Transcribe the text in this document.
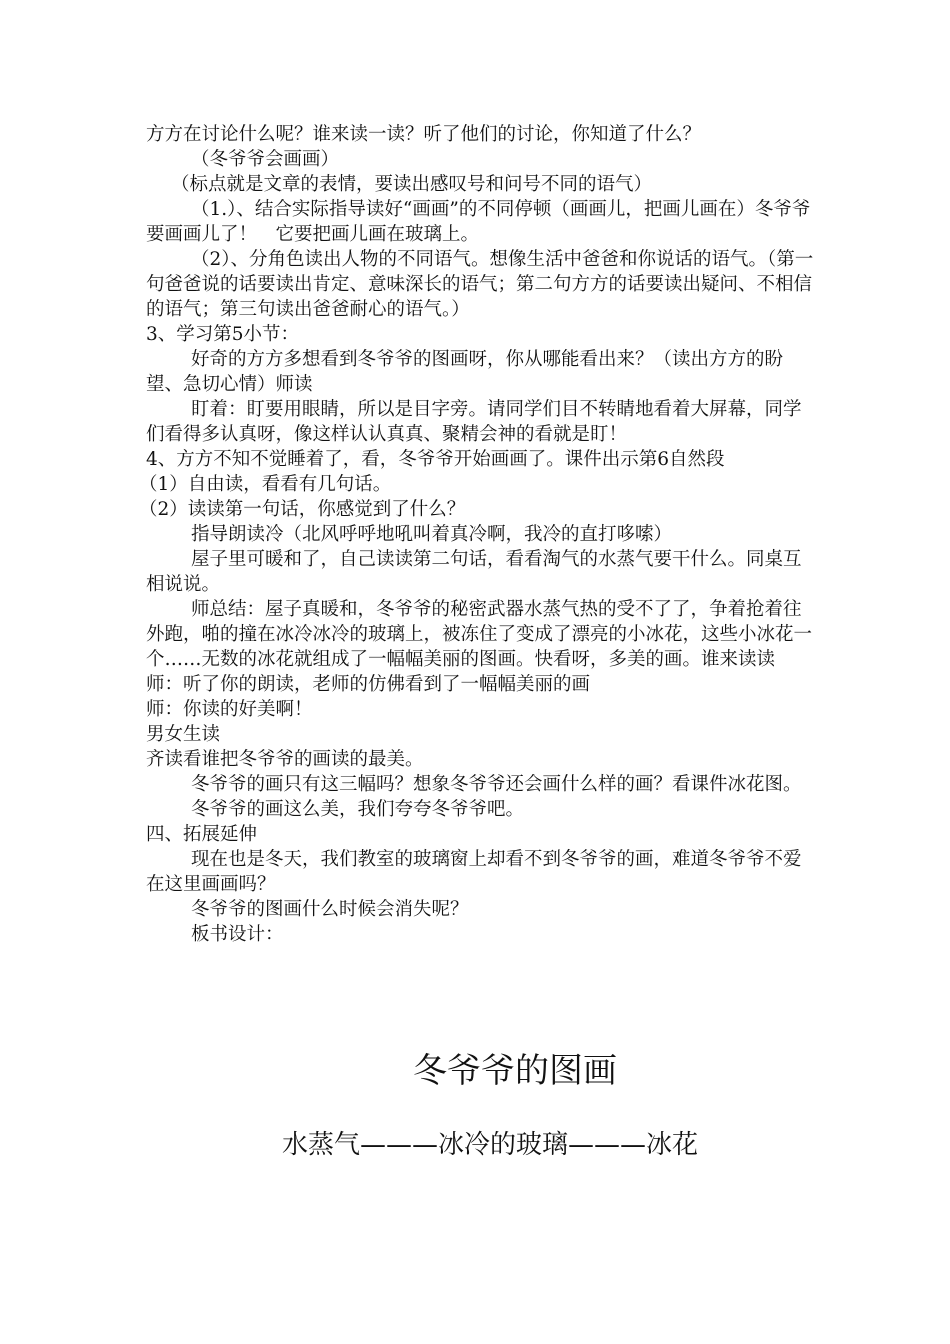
方方在讨论什么呢？谁来读一读？听了他们的讨论，你知道了什么？

（冬爷爷会画画）

（标点就是文章的表情，要读出感叹号和问号不同的语气）

（1.）、结合实际指导读好“画画”的不同停顿（画画儿，把画儿画在）冬爷爷要画画儿了！　它要把画儿画在玻璃上。

（2）、分角色读出人物的不同语气。想像生活中爸爸和你说话的语气。（第一句爸爸说的话要读出肯定、意味深长的语气；第二句方方的话要读出疑问、不相信的语气；第三句读出爸爸耐心的语气。）

3、学习第5小节：

好奇的方方多想看到冬爷爷的图画呀，你从哪能看出来？（读出方方的盼望、急切心情）师读

盯着：盯要用眼睛，所以是目字旁。请同学们目不转睛地看着大屏幕，同学们看得多认真呀，像这样认认真真、聚精会神的看就是盯！

4、方方不知不觉睡着了，看，冬爷爷开始画画了。课件出示第6自然段

（1）自由读，看看有几句话。

（2）读读第一句话，你感觉到了什么？

指导朗读冷（北风呼呼地吼叫着真冷啊，我冷的直打哆嗦）

屋子里可暖和了，自己读读第二句话，看看淘气的水蒸气要干什么。同桌互相说说。

师总结：屋子真暖和，冬爷爷的秘密武器水蒸气热的受不了了，争着抢着往外跑，啪的撞在冰冷冰冷的玻璃上，被冻住了变成了漂亮的小冰花，这些小冰花一个……无数的冰花就组成了一幅幅美丽的图画。快看呀，多美的画。谁来读读

师：听了你的朗读，老师的仿佛看到了一幅幅美丽的画

师：你读的好美啊！

男女生读

齐读看谁把冬爷爷的画读的最美。

冬爷爷的画只有这三幅吗？想象冬爷爷还会画什么样的画？看课件冰花图。

冬爷爷的画这么美，我们夸夸冬爷爷吧。

四、拓展延伸

现在也是冬天，我们教室的玻璃窗上却看不到冬爷爷的画，难道冬爷爷不爱在这里画画吗？

冬爷爷的图画什么时候会消失呢？

板书设计：

冬爷爷的图画
水蒸气———冰冷的玻璃———冰花
